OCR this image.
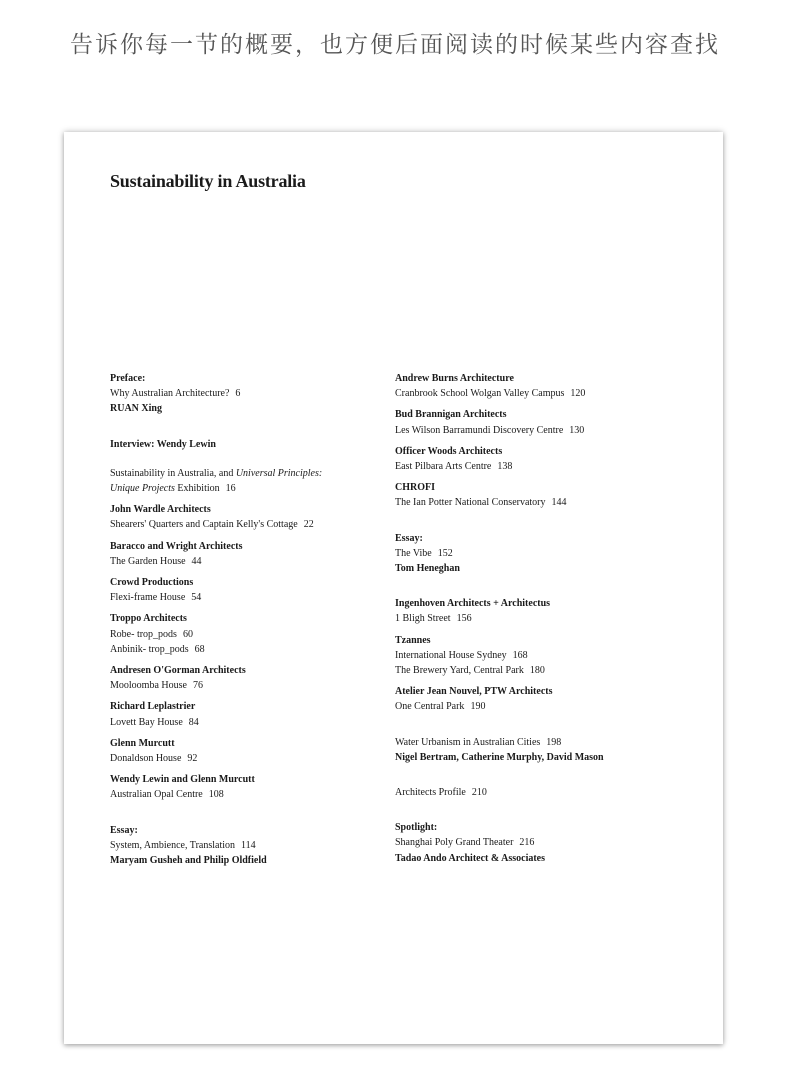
告诉你每一节的概要，也方便后面阅读的时候某些内容查找
Sustainability in Australia
Preface:
Why Australian Architecture? 6
RUAN Xing
Interview: Wendy Lewin
Sustainability in Australia, and Universal Principles:
Unique Projects Exhibition 16
John Wardle Architects
Shearers' Quarters and Captain Kelly's Cottage 22
Baracco and Wright Architects
The Garden House 44
Crowd Productions
Flexi-frame House 54
Troppo Architects
Robe- trop_pods 60
Anbinik- trop_pods 68
Andresen O'Gorman Architects
Mooloomba House 76
Richard Leplastrier
Lovett Bay House 84
Glenn Murcutt
Donaldson House 92
Wendy Lewin and Glenn Murcutt
Australian Opal Centre 108
Essay:
System, Ambience, Translation 114
Maryam Gusheh and Philip Oldfield
Andrew Burns Architecture
Cranbrook School Wolgan Valley Campus 120
Bud Brannigan Architects
Les Wilson Barramundi Discovery Centre 130
Officer Woods Architects
East Pilbara Arts Centre 138
CHROFI
The Ian Potter National Conservatory 144
Essay:
The Vibe 152
Tom Heneghan
Ingenhoven Architects + Architectus
1 Bligh Street 156
Tzannes
International House Sydney 168
The Brewery Yard, Central Park 180
Atelier Jean Nouvel, PTW Architects
One Central Park 190
Water Urbanism in Australian Cities 198
Nigel Bertram, Catherine Murphy, David Mason
Architects Profile 210
Spotlight:
Shanghai Poly Grand Theater 216
Tadao Ando Architect & Associates
